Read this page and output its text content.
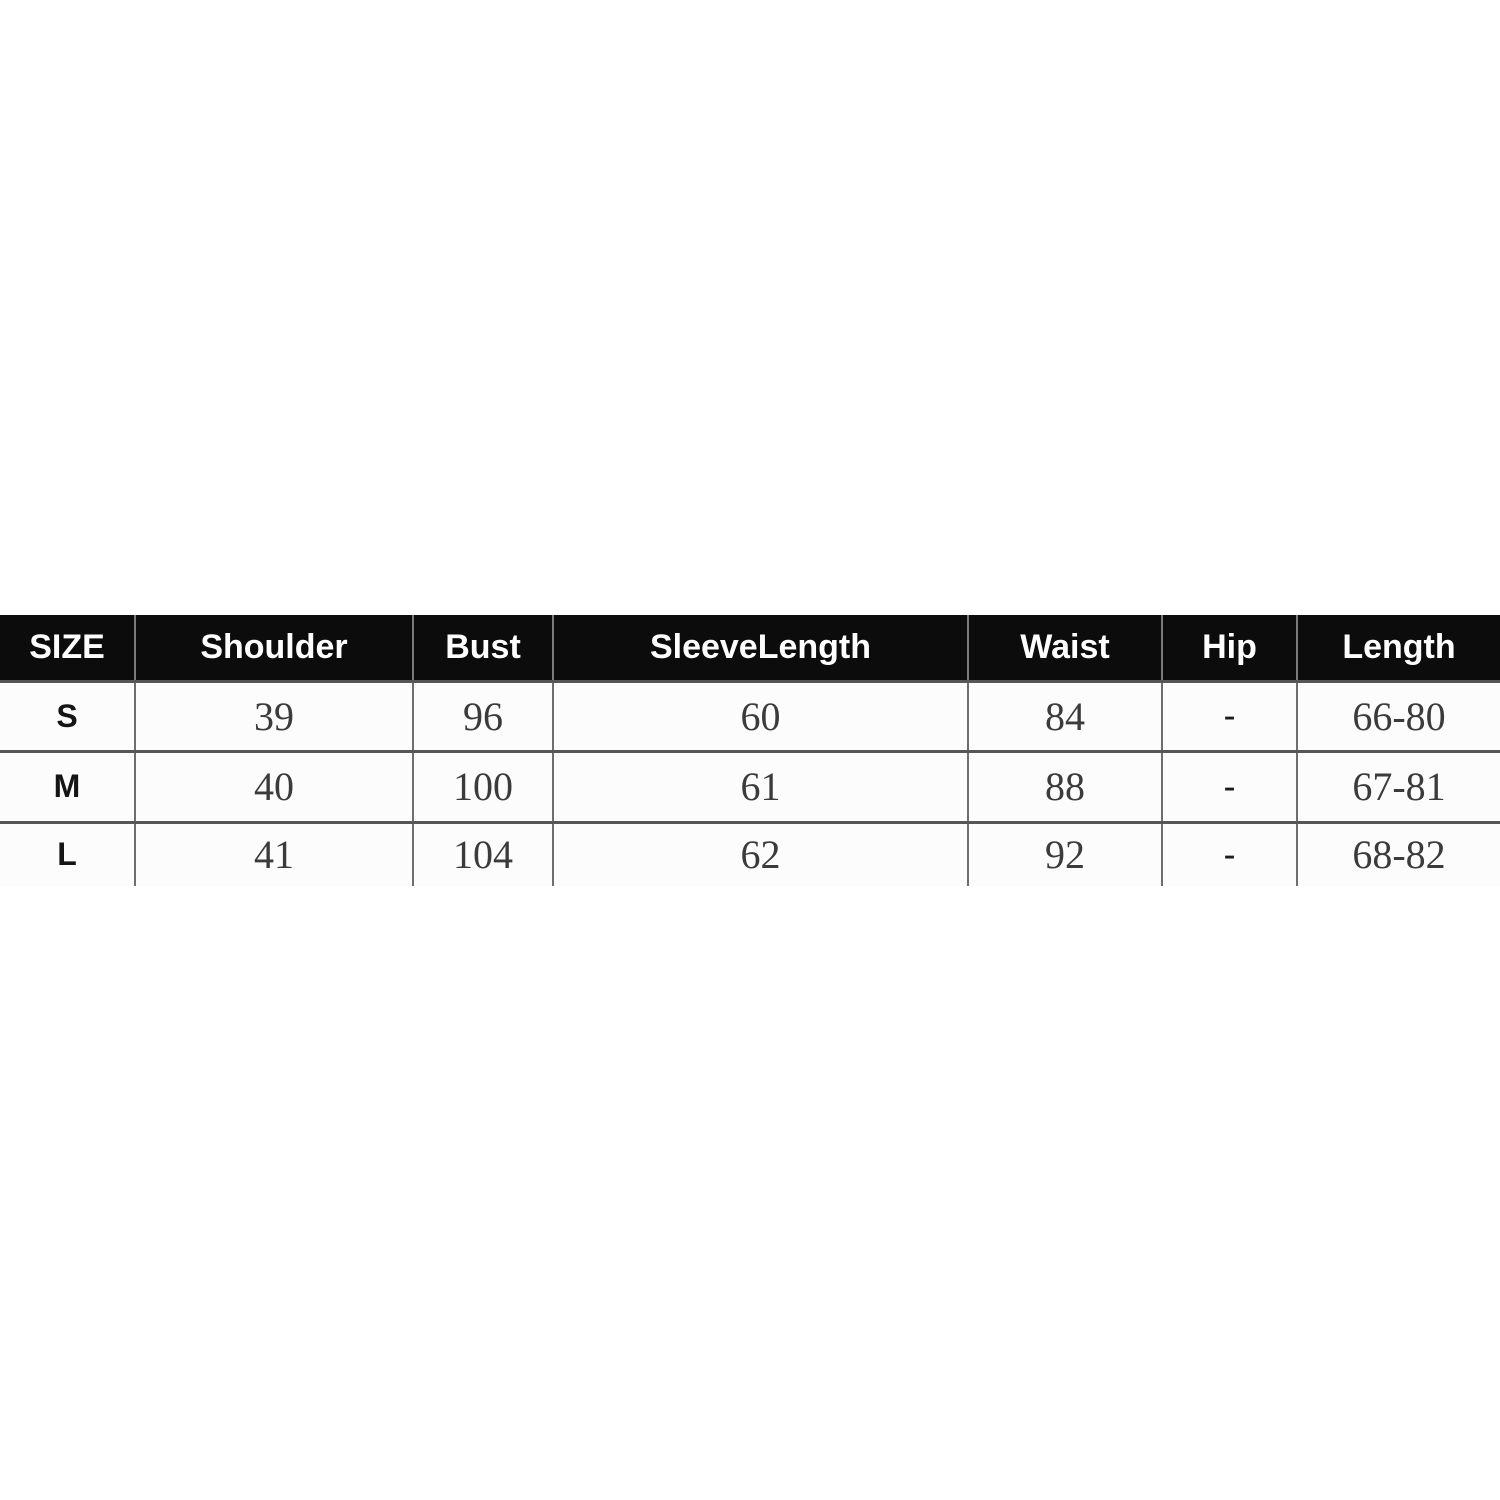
SIZE	Shoulder	Bust	SleeveLength	Waist	Hip	Length
S	39	96	60	84	-	66-80
M	40	100	61	88	-	67-81
L	41	104	62	92	-	68-82
